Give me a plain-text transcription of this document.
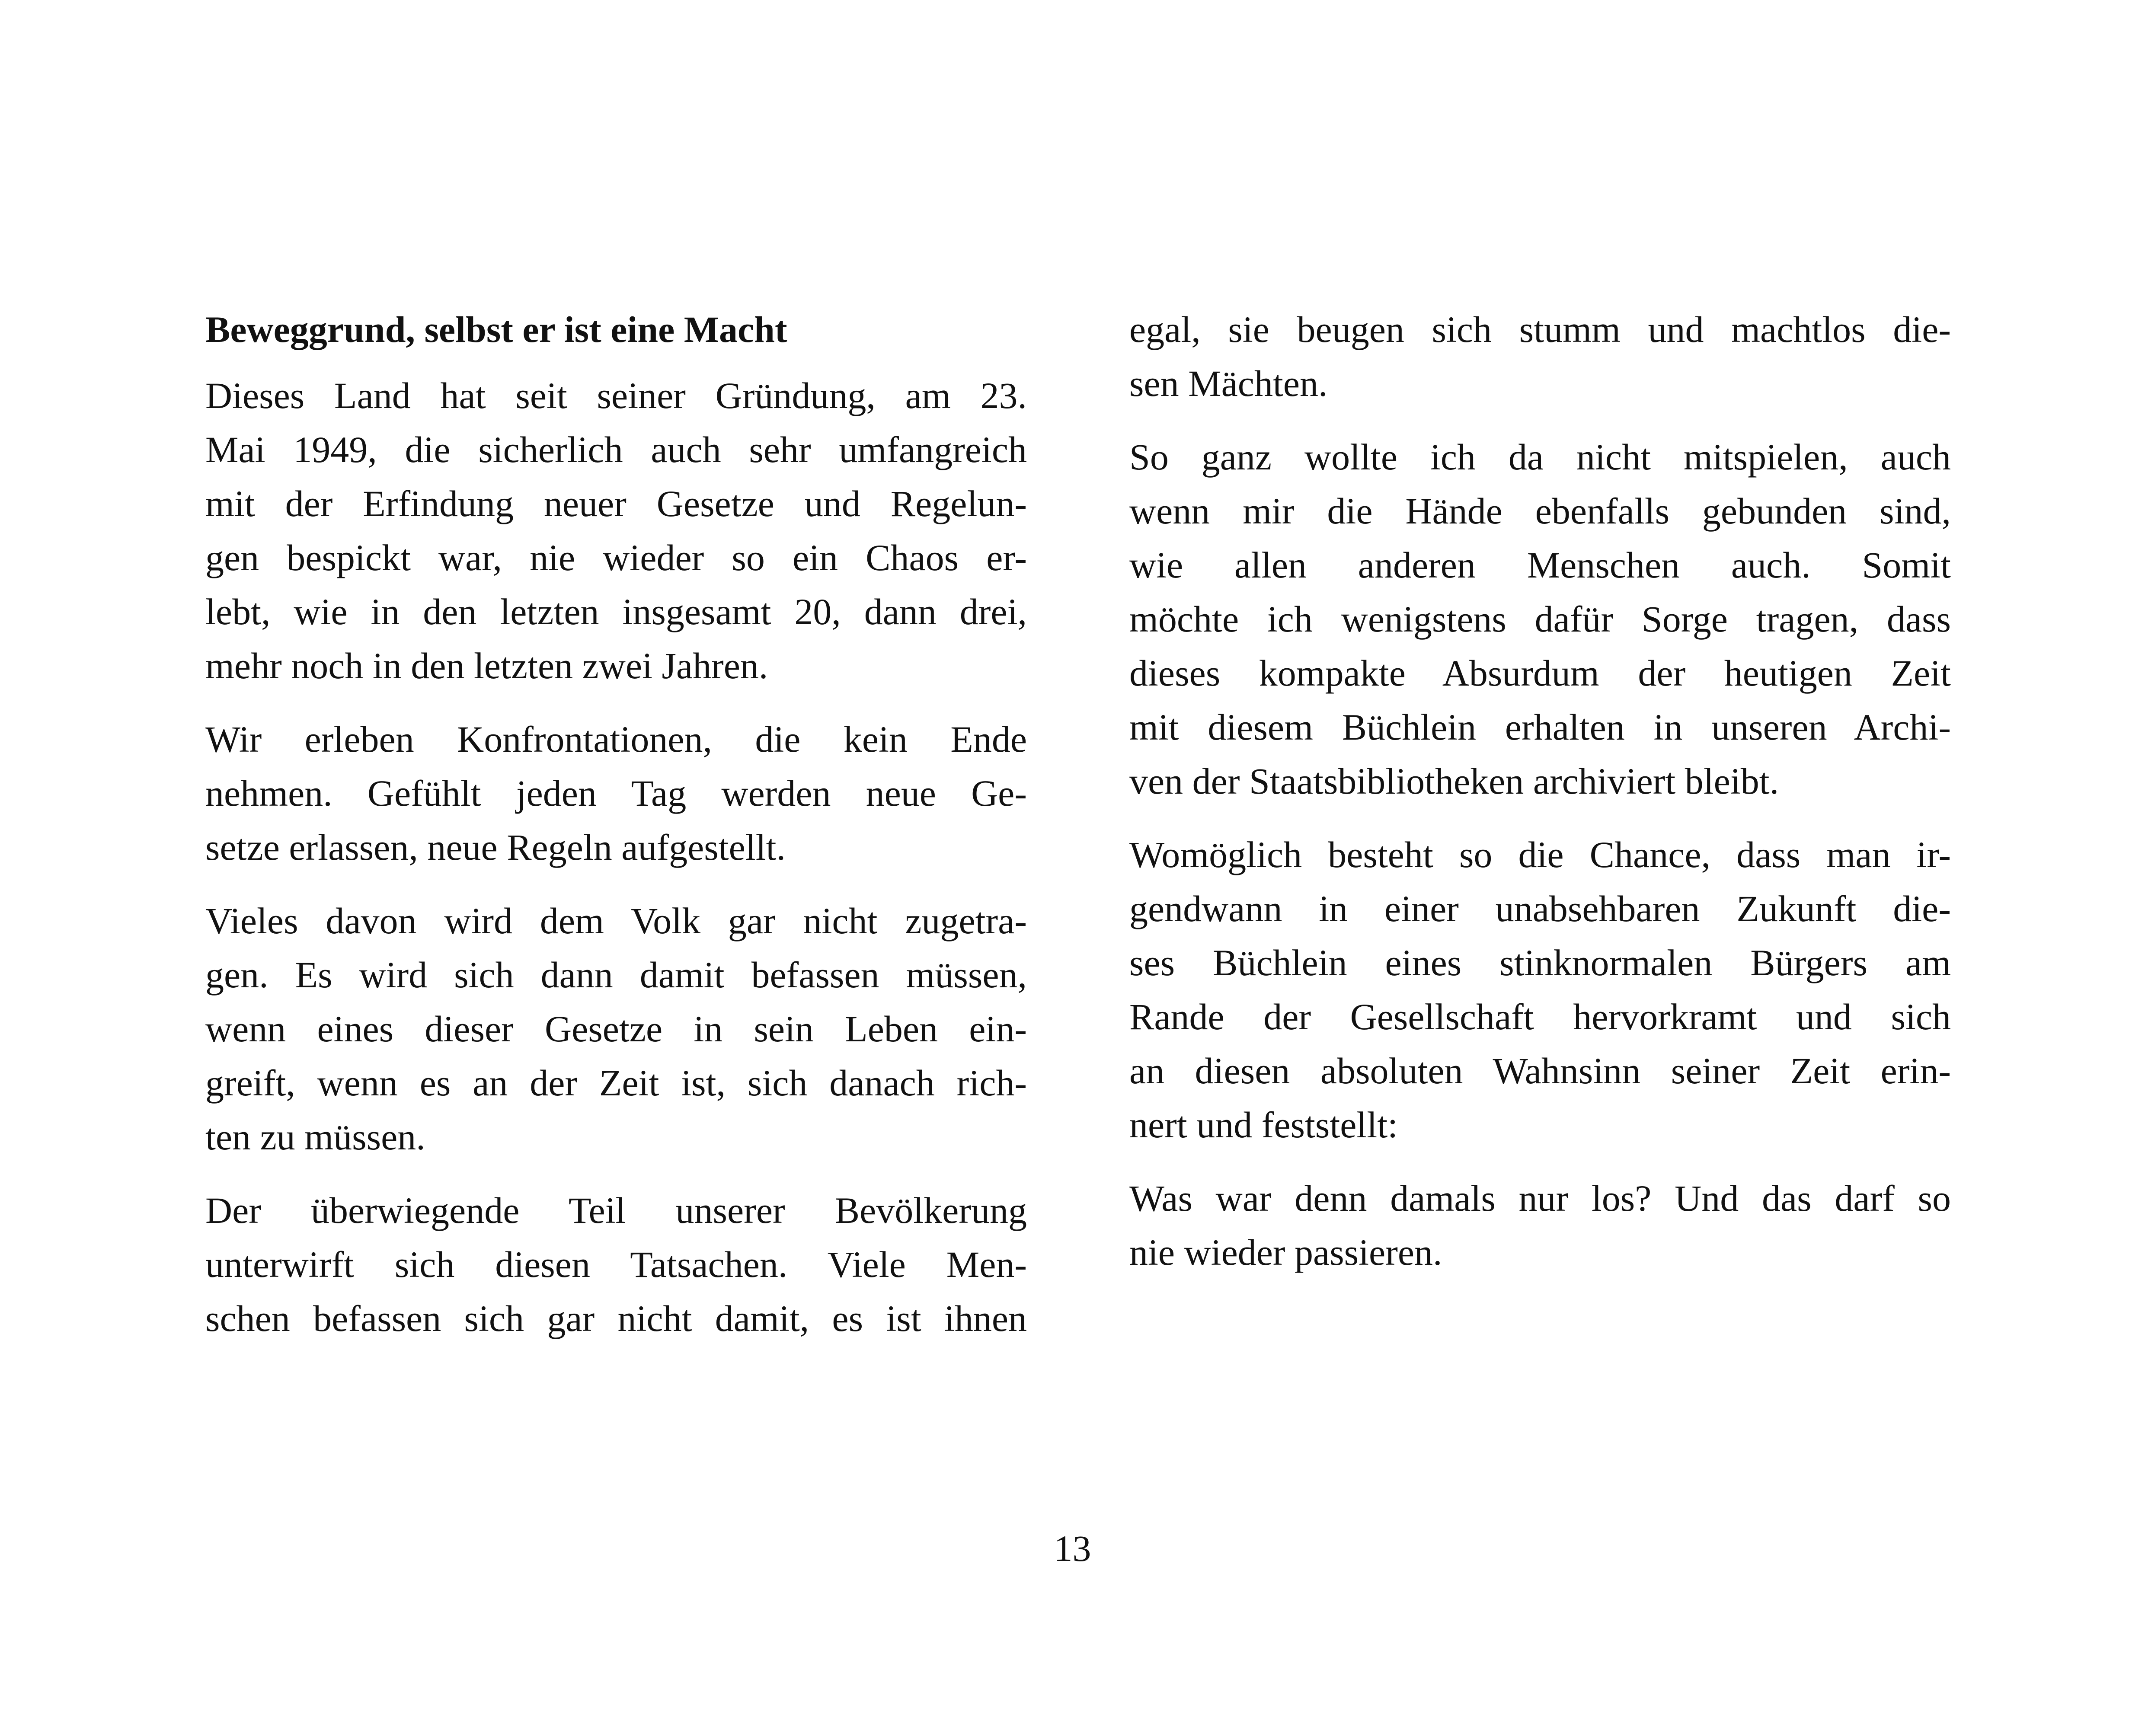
Beweggrund, selbst er ist eine Macht
Dieses Land hat seit seiner Gründung, am 23.
Mai 1949, die sicherlich auch sehr umfangreich
mit der Erfindung neuer Gesetze und Regelun-
gen bespickt war, nie wieder so ein Chaos er-
lebt, wie in den letzten insgesamt 20, dann drei,
mehr noch in den letzten zwei Jahren.
Wir erleben Konfrontationen, die kein Ende
nehmen. Gefühlt jeden Tag werden neue Ge-
setze erlassen, neue Regeln aufgestellt.
Vieles davon wird dem Volk gar nicht zugetra-
gen. Es wird sich dann damit befassen müssen,
wenn eines dieser Gesetze in sein Leben ein-
greift, wenn es an der Zeit ist, sich danach rich-
ten zu müssen.
Der überwiegende Teil unserer Bevölkerung
unterwirft sich diesen Tatsachen. Viele Men-
schen befassen sich gar nicht damit, es ist ihnen
egal, sie beugen sich stumm und machtlos die-
sen Mächten.
So ganz wollte ich da nicht mitspielen, auch
wenn mir die Hände ebenfalls gebunden sind,
wie allen anderen Menschen auch. Somit
möchte ich wenigstens dafür Sorge tragen, dass
dieses kompakte Absurdum der heutigen Zeit
mit diesem Büchlein erhalten in unseren Archi-
ven der Staatsbibliotheken archiviert bleibt.
Womöglich besteht so die Chance, dass man ir-
gendwann in einer unabsehbaren Zukunft die-
ses Büchlein eines stinknormalen Bürgers am
Rande der Gesellschaft hervorkramt und sich
an diesen absoluten Wahnsinn seiner Zeit erin-
nert und feststellt:
Was war denn damals nur los? Und das darf so
nie wieder passieren.
13
